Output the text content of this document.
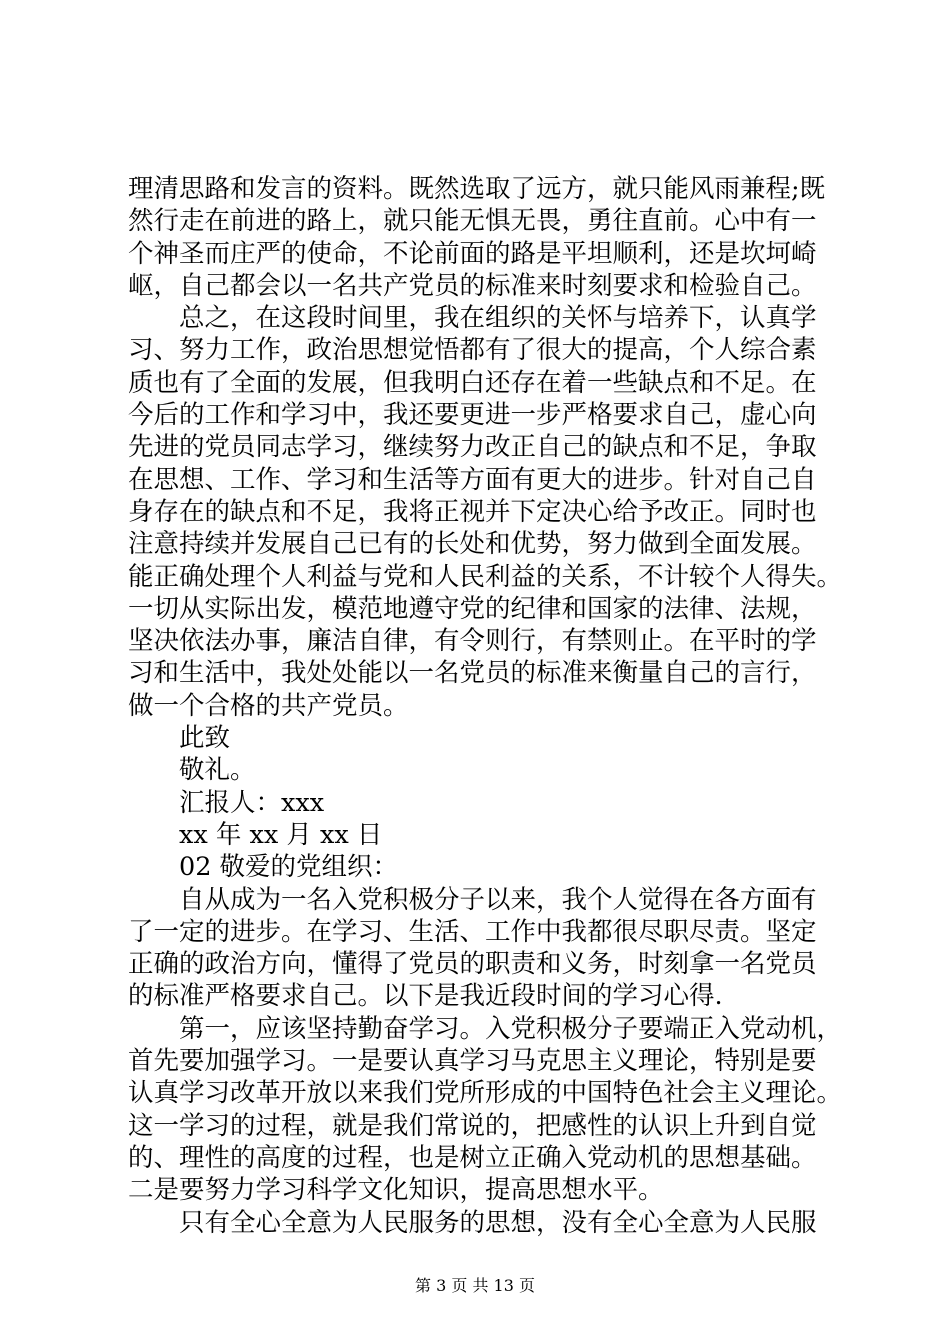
理清思路和发言的资料。既然选取了远方，就只能风雨兼程;既
然行走在前进的路上，就只能无惧无畏，勇往直前。心中有一
个神圣而庄严的使命，不论前面的路是平坦顺利，还是坎坷崎
岖，自己都会以一名共产党员的标准来时刻要求和检验自己。
总之，在这段时间里，我在组织的关怀与培养下，认真学
习、努力工作，政治思想觉悟都有了很大的提高，个人综合素
质也有了全面的发展，但我明白还存在着一些缺点和不足。在
今后的工作和学习中，我还要更进一步严格要求自己，虚心向
先进的党员同志学习，继续努力改正自己的缺点和不足，争取
在思想、工作、学习和生活等方面有更大的进步。针对自己自
身存在的缺点和不足，我将正视并下定决心给予改正。同时也
注意持续并发展自己已有的长处和优势，努力做到全面发展。
能正确处理个人利益与党和人民利益的关系，不计较个人得失。
一切从实际出发，模范地遵守党的纪律和国家的法律、法规，
坚决依法办事，廉洁自律，有令则行，有禁则止。在平时的学
习和生活中，我处处能以一名党员的标准来衡量自己的言行，
做一个合格的共产党员。
此致
敬礼。
汇报人：xxx
xx 年 xx 月 xx 日
02 敬爱的党组织：
自从成为一名入党积极分子以来，我个人觉得在各方面有
了一定的进步。在学习、生活、工作中我都很尽职尽责。坚定
正确的政治方向，懂得了党员的职责和义务，时刻拿一名党员
的标准严格要求自己。以下是我近段时间的学习心得.
第一，应该坚持勤奋学习。入党积极分子要端正入党动机，
首先要加强学习。一是要认真学习马克思主义理论，特别是要
认真学习改革开放以来我们党所形成的中国特色社会主义理论。
这一学习的过程，就是我们常说的，把感性的认识上升到自觉
的、理性的高度的过程，也是树立正确入党动机的思想基础。
二是要努力学习科学文化知识，提高思想水平。
只有全心全意为人民服务的思想，没有全心全意为人民服
第 3 页 共 13 页
